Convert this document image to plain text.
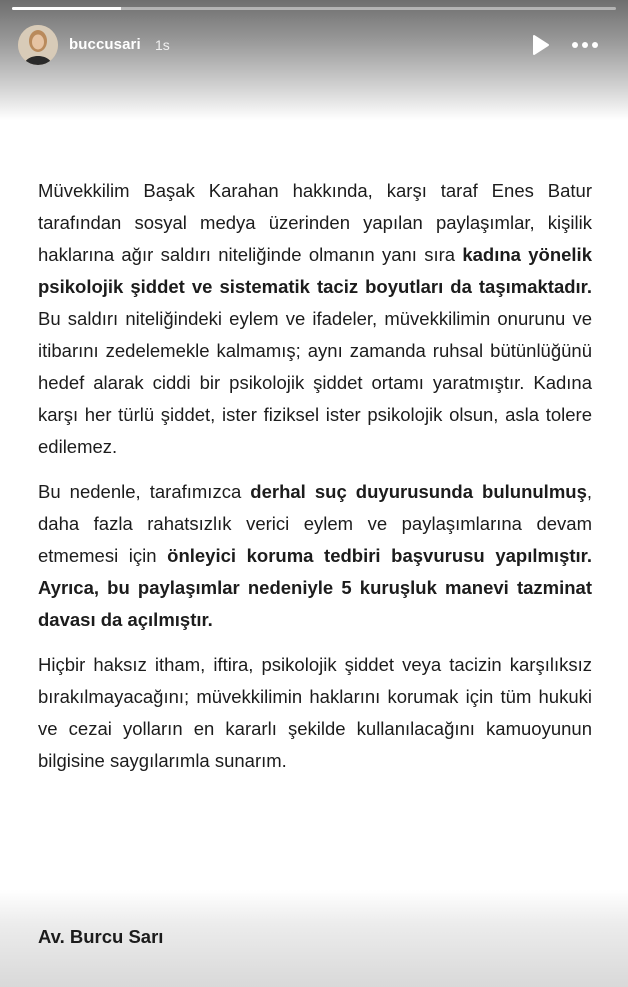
buccusari 1s

Müvekkilim Başak Karahan hakkında, karşı taraf Enes Batur tarafından sosyal medya üzerinden yapılan paylaşımlar, kişilik haklarına ağır saldırı niteliğinde olmanın yanı sıra kadına yönelik psikolojik şiddet ve sistematik taciz boyutları da taşımaktadır. Bu saldırı niteliğindeki eylem ve ifadeler, müvekkilimin onurunu ve itibarını zedelemekle kalmamış; aynı zamanda ruhsal bütünlüğünü hedef alarak ciddi bir psikolojik şiddet ortamı yaratmıştır. Kadına karşı her türlü şiddet, ister fiziksel ister psikolojik olsun, asla tolere edilemez.

Bu nedenle, tarafımızca derhal suç duyurusunda bulunulmuş, daha fazla rahatsızlık verici eylem ve paylaşımlarına devam etmemesi için önleyici koruma tedbiri başvurusu yapılmıştır. Ayrıca, bu paylaşımlar nedeniyle 5 kuruşluk manevi tazminat davası da açılmıştır.

Hiçbir haksız itham, iftira, psikolojik şiddet veya tacizin karşılıksız bırakılmayacağını; müvekkilimin haklarını korumak için tüm hukuki ve cezai yolların en kararlı şekilde kullanılacağını kamuoyunun bilgisine saygılarımla sunarım.

Av. Burcu Sarı
